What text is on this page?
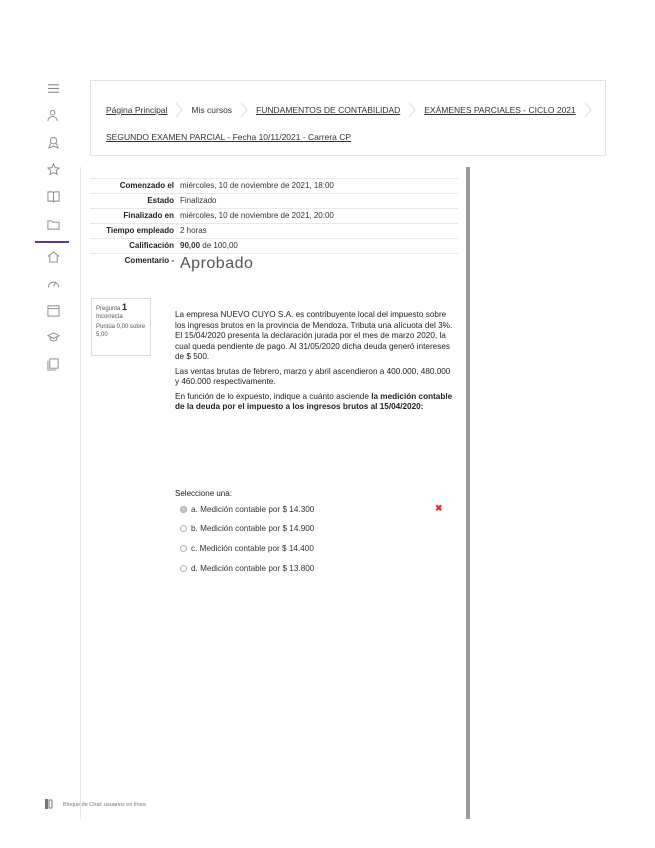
Página Principal	Mis cursos	FUNDAMENTOS DE CONTABILIDAD	EXÁMENES PARCIALES - CICLO 2021
SEGUNDO EXAMEN PARCIAL - Fecha 10/11/2021 - Carrera CP
Comenzado el miércoles, 10 de noviembre de 2021, 18:00
Estado Finalizado
Finalizado en miércoles, 10 de noviembre de 2021, 20:00
Tiempo empleado 2 horas
Calificación 90,00 de 100,00
Comentario - Aprobado
Pregunta 1
Incorrecta
Puntúa 0,00 sobre 5,00

La empresa NUEVO CUYO S.A. es contribuyente local del impuesto sobre los ingresos brutos en la provincia de Mendoza. Tributa una alícuota del 3%. El 15/04/2020 presenta la declaración jurada por el mes de marzo 2020, la cual queda pendiente de pago. Al 31/05/2020 dicha deuda generó intereses de $ 500.

Las ventas brutas de febrero, marzo y abril ascendieron a 400.000, 480.000 y 460.000 respectivamente.

En función de lo expuesto, indique a cuánto asciende la medición contable de la deuda por el impuesto a los ingresos brutos al 15/04/2020:

Seleccione una:
a. Medición contable por $ 14.300
b. Medición contable por $ 14.900
c. Medición contable por $ 14.400
d. Medición contable por $ 13.800
✖
Bloque de Chat: usuarios en línea
